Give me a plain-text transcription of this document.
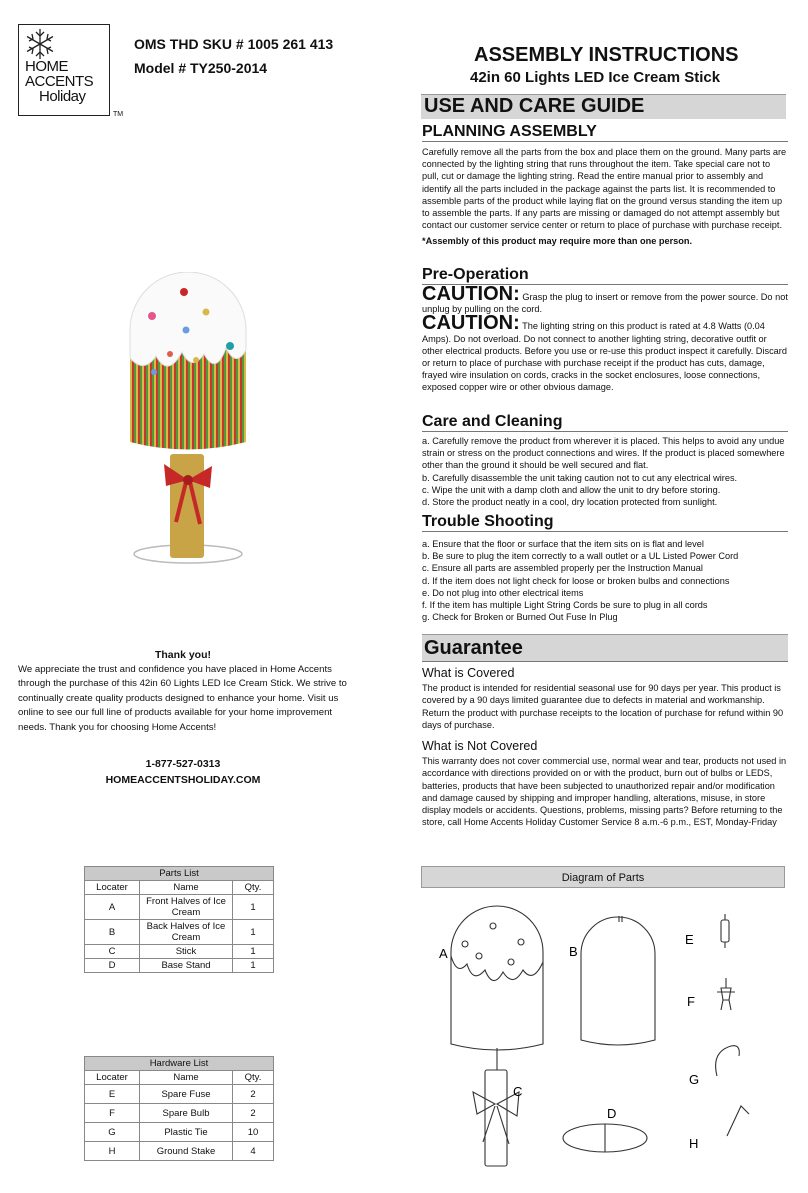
HOME
ACCENTS
Holiday
TM
OMS THD SKU # 1005 261 413
Model # TY250-2014
ASSEMBLY INSTRUCTIONS
42in 60 Lights LED Ice Cream Stick
USE AND CARE GUIDE
PLANNING ASSEMBLY

Carefully remove all the parts from the box and place them on the ground. Many parts are connected by the lighting string that runs throughout the item. Take special care not to pull, cut or damage the lighting string. Read the entire manual prior to assembly and identify all the parts included in the package against the parts list. It is recommended to assemble parts of the product while laying flat on the ground versus standing the item up to assemble the parts. If any parts are missing or damaged do not attempt assembly but contact our customer service center or return to place of purchase with purchase receipt.

*Assembly of this product may require more than one person.

Pre-Operation

CAUTION: Grasp the plug to insert or remove from the power source. Do not unplug by pulling on the cord.

CAUTION: The lighting string on this product is rated at 4.8 Watts (0.04 Amps). Do not overload. Do not connect to another lighting string, decorative outfit or other electrical products. Before you use or re-use this product inspect it carefully. Discard or return to place of purchase with purchase receipt if the product has cuts, damage, frayed wire insulation on cords, cracks in the socket enclosures, loose connections, exposed copper wire or other obvious damage.

Care and Cleaning

a. Carefully remove the product from wherever it is placed. This helps to avoid any undue strain or stress on the product connections and wires. If the product is placed somewhere other than the ground it should be well secured and flat.

b. Carefully disassemble the unit taking caution not to cut any electrical wires.

c. Wipe the unit with a damp cloth and allow the unit to dry before storing.

d. Store the product neatly in a cool, dry location protected from sunlight.

Trouble Shooting

a. Ensure that the floor or surface that the item sits on is flat and level

b. Be sure to plug the item correctly to a wall outlet or a UL Listed Power Cord

c. Ensure all parts are assembled properly per the Instruction Manual

d. If the item does not light check for loose or broken bulbs and connections

e. Do not plug into other electrical items

f. If the item has multiple Light String Cords be sure to plug in all cords

g. Check for Broken or Burned Out Fuse In Plug

Guarantee

What is Covered

The product is intended for residential seasonal use for 90 days per year. This product is covered by a 90 days limited guarantee due to defects in material and workmanship. Return the product with purchase receipts to the location of purchase for refund within 90 days of purchase.

What is Not Covered

This warranty does not cover commercial use, normal wear and tear, products not used in accordance with directions provided on or with the product, burn out of bulbs or LEDS, batteries, products that have been subjected to unauthorized repair and/or modification and damage caused by shipping and improper handling, alterations, misuse, in store display models or accidents. Questions, problems, missing parts? Before returning to the store, call Home Accents Holiday Customer Service 8 a.m.-6 p.m., EST, Monday-Friday

Thank you!

We appreciate the trust and confidence you have placed in Home Accents through the purchase of this 42in 60 Lights LED Ice Cream Stick. We strive to continually create quality products designed to enhance your home. Visit us online to see our full line of products available for your home improvement needs. Thank you for choosing Home Accents!

1-877-527-0313
HOMEACCENTSHOLIDAY.COM
Parts List		
Locater	Name	Qty.
A	Front Halves of Ice Cream	1
B	Back Halves of Ice Cream	1
C	Stick	1
D	Base Stand	1
Hardware List		
Locater	Name	Qty.
E	Spare Fuse	2
F	Spare Bulb	2
G	Plastic Tie	10
H	Ground Stake	4
Diagram of Parts
A	B
C
D
E
F
G
H
